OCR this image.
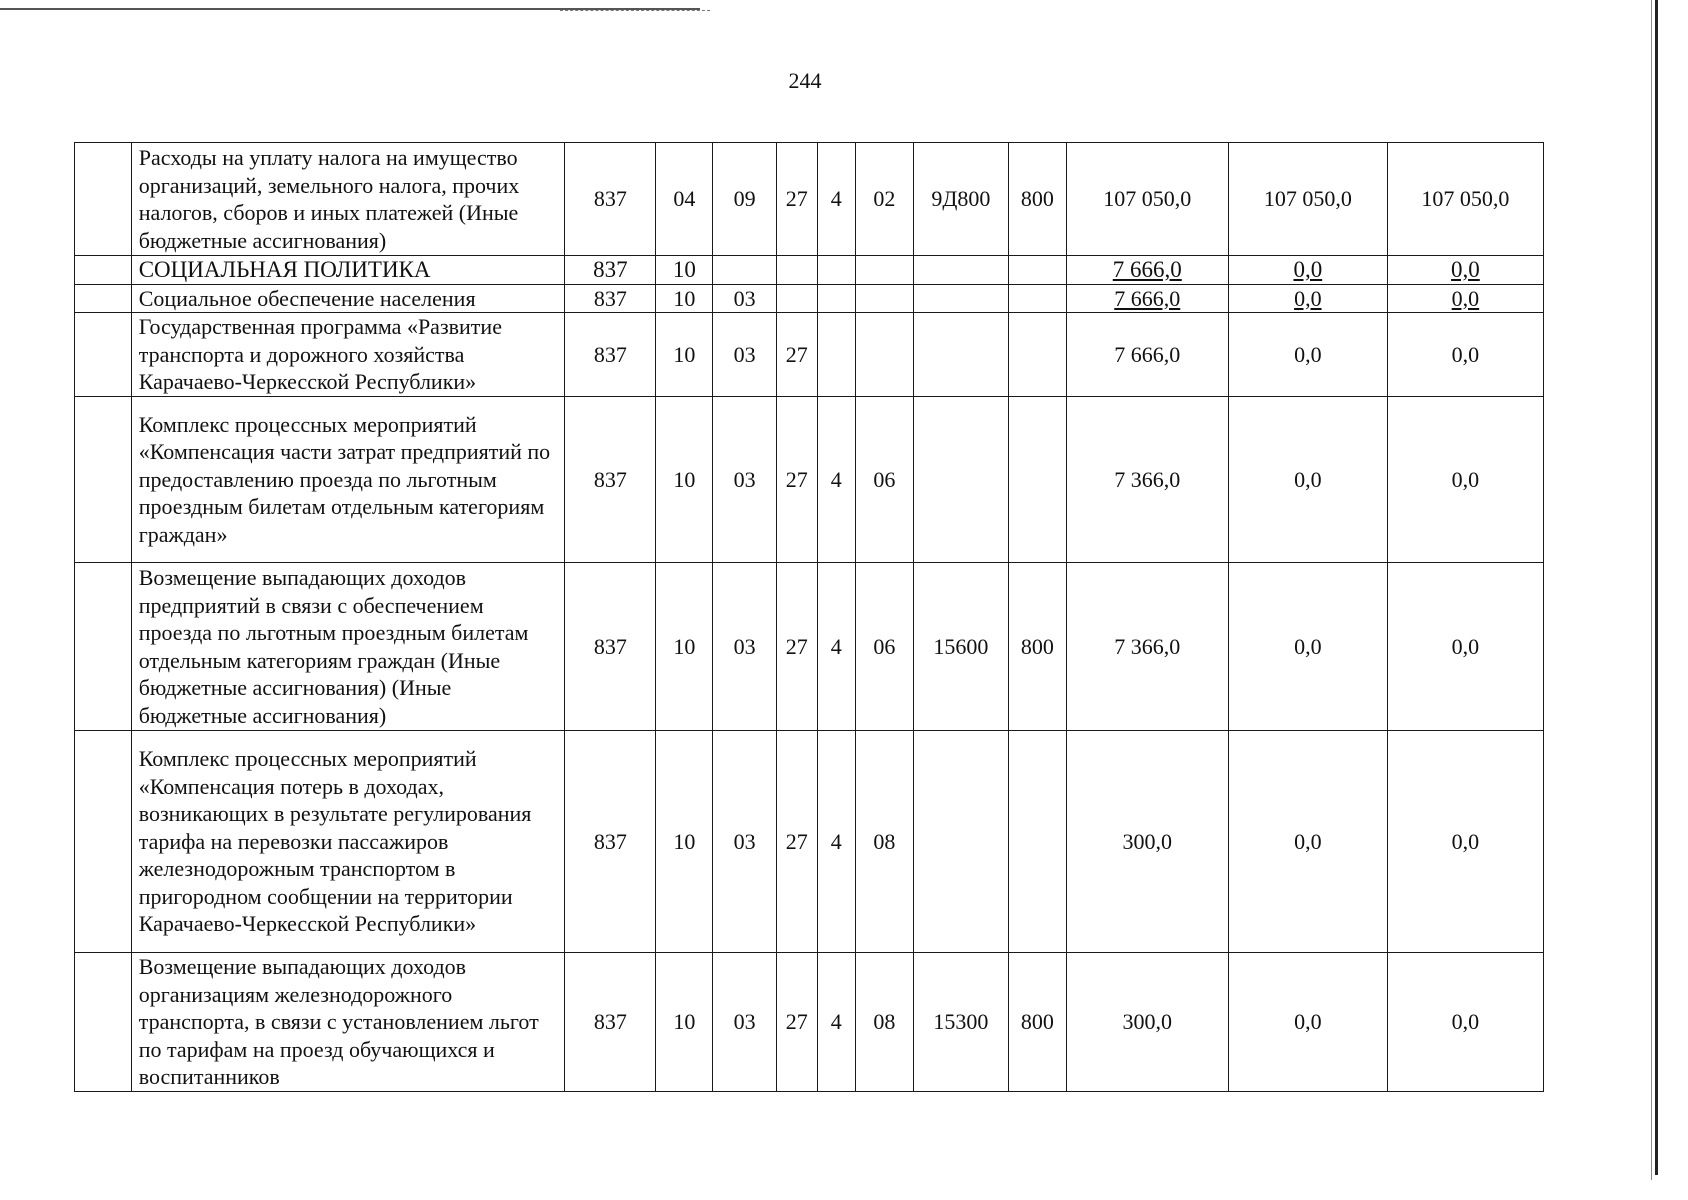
244
	Расходы на уплату налога на имущество организаций, земельного налога, прочих налогов, сборов и иных платежей (Иные бюджетные ассигнования)	837	04	09	27	4	02	9Д800	800	107 050,0	107 050,0	107 050,0
	СОЦИАЛЬНАЯ ПОЛИТИКА	837	10							7 666,0	0,0	0,0
	Социальное обеспечение населения	837	10	03						7 666,0	0,0	0,0
	Государственная программа «Развитие транспорта и дорожного хозяйства Карачаево-Черкесской Республики»	837	10	03	27					7 666,0	0,0	0,0
	Комплекс процессных мероприятий «Компенсация части затрат предприятий по предоставлению проезда по льготным проездным билетам отдельным категориям граждан»	837	10	03	27	4	06			7 366,0	0,0	0,0
	Возмещение выпадающих доходов предприятий в связи с обеспечением проезда по льготным проездным билетам отдельным категориям граждан (Иные бюджетные ассигнования) (Иные бюджетные ассигнования)	837	10	03	27	4	06	15600	800	7 366,0	0,0	0,0
	Комплекс процессных мероприятий «Компенсация потерь в доходах, возникающих в результате регулирования тарифа на перевозки пассажиров железнодорожным транспортом в пригородном сообщении на территории Карачаево-Черкесской Республики»	837	10	03	27	4	08			300,0	0,0	0,0
	Возмещение выпадающих доходов организациям железнодорожного транспорта, в связи с установлением льгот по тарифам на проезд обучающихся и воспитанников	837	10	03	27	4	08	15300	800	300,0	0,0	0,0
